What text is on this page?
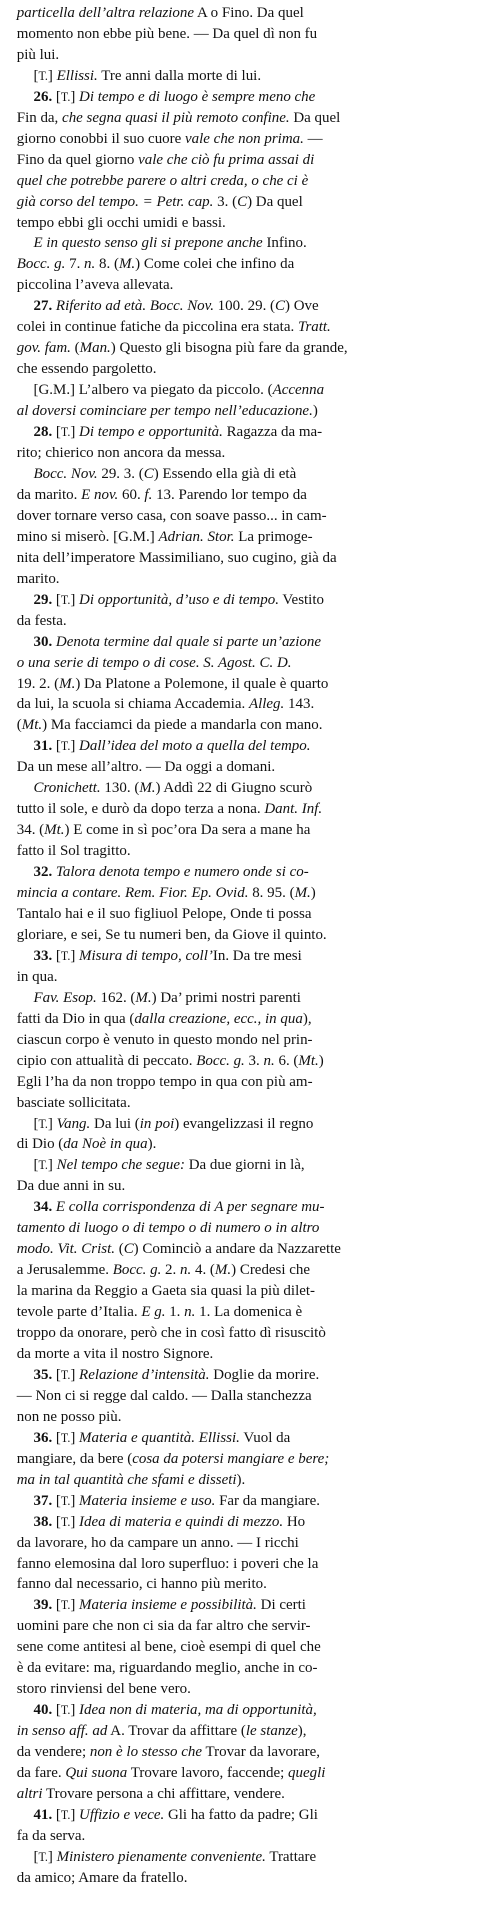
particella dell’altra relazione A o Fino. Da quel
momento non ebbe più bene. — Da quel dì non fu
più lui.
[T.] Ellissi. Tre anni dalla morte di lui.
26. [T.] Di tempo e di luogo è sempre meno che
Fin da, che segna quasi il più remoto confine. Da quel
giorno conobbi il suo cuore vale che non prima. —
Fino da quel giorno vale che ciò fu prima assai di
quel che potrebbe parere o altri creda, o che ci è
già corso del tempo. = Petr. cap. 3. (C) Da quel
tempo ebbi gli occhi umidi e bassi.
E in questo senso gli si prepone anche Infino.
Bocc. g. 7. n. 8. (M.) Come colei che infino da
piccolina l’aveva allevata.
27. Riferito ad età. Bocc. Nov. 100. 29. (C) Ove
colei in continue fatiche da piccolina era stata. Tratt.
gov. fam. (Man.) Questo gli bisogna più fare da grande,
che essendo pargoletto.
[G.M.] L’albero va piegato da piccolo. (Accenna
al doversi cominciare per tempo nell’educazione.)
28. [T.] Di tempo e opportunità. Ragazza da ma-
rito; chierico non ancora da messa.
Bocc. Nov. 29. 3. (C) Essendo ella già di età
da marito. E nov. 60. f. 13. Parendo lor tempo da
dover tornare verso casa, con soave passo... in cam-
mino si miserò. [G.M.] Adrian. Stor. La primoge-
nita dell’imperatore Massimiliano, suo cugino, già da
marito.
29. [T.] Di opportunità, d’uso e di tempo. Vestito
da festa.
30. Denota termine dal quale si parte un’azione
o una serie di tempo o di cose. S. Agost. C. D.
19. 2. (M.) Da Platone a Polemone, il quale è quarto
da lui, la scuola si chiama Accademia. Alleg. 143.
(Mt.) Ma facciamci da piede a mandarla con mano.
31. [T.] Dall’idea del moto a quella del tempo.
Da un mese all’altro. — Da oggi a domani.
Cronichett. 130. (M.) Addì 22 di Giugno scurò
tutto il sole, e durò da dopo terza a nona. Dant. Inf.
34. (Mt.) E come in sì poc’ora Da sera a mane ha
fatto il Sol tragitto.
32. Talora denota tempo e numero onde si co-
mincia a contare. Rem. Fior. Ep. Ovid. 8. 95. (M.)
Tantalo hai e il suo figliuol Pelope, Onde ti possa
gloriare, e sei, Se tu numeri ben, da Giove il quinto.
33. [T.] Misura di tempo, coll’In. Da tre mesi
in qua.
Fav. Esop. 162. (M.) Da’ primi nostri parenti
fatti da Dio in qua (dalla creazione, ecc., in qua),
ciascun corpo è venuto in questo mondo nel prin-
cipio con attualità di peccato. Bocc. g. 3. n. 6. (Mt.)
Egli l’ha da non troppo tempo in qua con più am-
basciate sollicitata.
[T.] Vang. Da lui (in poi) evangelizzasi il regno
di Dio (da Noè in qua).
[T.] Nel tempo che segue: Da due giorni in là,
Da due anni in su.
34. E colla corrispondenza di A per segnare mu-
tamento di luogo o di tempo o di numero o in altro
modo. Vit. Crist. (C) Cominciò a andare da Nazzarette
a Jerusalemme. Bocc. g. 2. n. 4. (M.) Credesi che
la marina da Reggio a Gaeta sia quasi la più dilet-
tevole parte d’Italia. E g. 1. n. 1. La domenica è
troppo da onorare, però che in così fatto dì risuscitò
da morte a vita il nostro Signore.
35. [T.] Relazione d’intensità. Doglie da morire.
— Non ci si regge dal caldo. — Dalla stanchezza
non ne posso più.
36. [T.] Materia e quantità. Ellissi. Vuol da
mangiare, da bere (cosa da potersi mangiare e bere;
ma in tal quantità che sfami e disseti).
37. [T.] Materia insieme e uso. Far da mangiare.
38. [T.] Idea di materia e quindi di mezzo. Ho
da lavorare, ho da campare un anno. — I ricchi
fanno elemosina dal loro superfluo: i poveri che la
fanno dal necessario, ci hanno più merito.
39. [T.] Materia insieme e possibilità. Di certi
uomini pare che non ci sia da far altro che servir-
sene come antitesi al bene, cioè esempi di quel che
è da evitare: ma, riguardando meglio, anche in co-
storo rinviensi del bene vero.
40. [T.] Idea non di materia, ma di opportunità,
in senso aff. ad A. Trovar da affittare (le stanze),
da vendere; non è lo stesso che Trovar da lavorare,
da fare. Qui suona Trovare lavoro, faccende; quegli
altri Trovare persona a chi affittare, vendere.
41. [T.] Uffizio e vece. Gli ha fatto da padre; Gli
fa da serva.
[T.] Ministero pienamente conveniente. Trattare
da amico; Amare da fratello.
